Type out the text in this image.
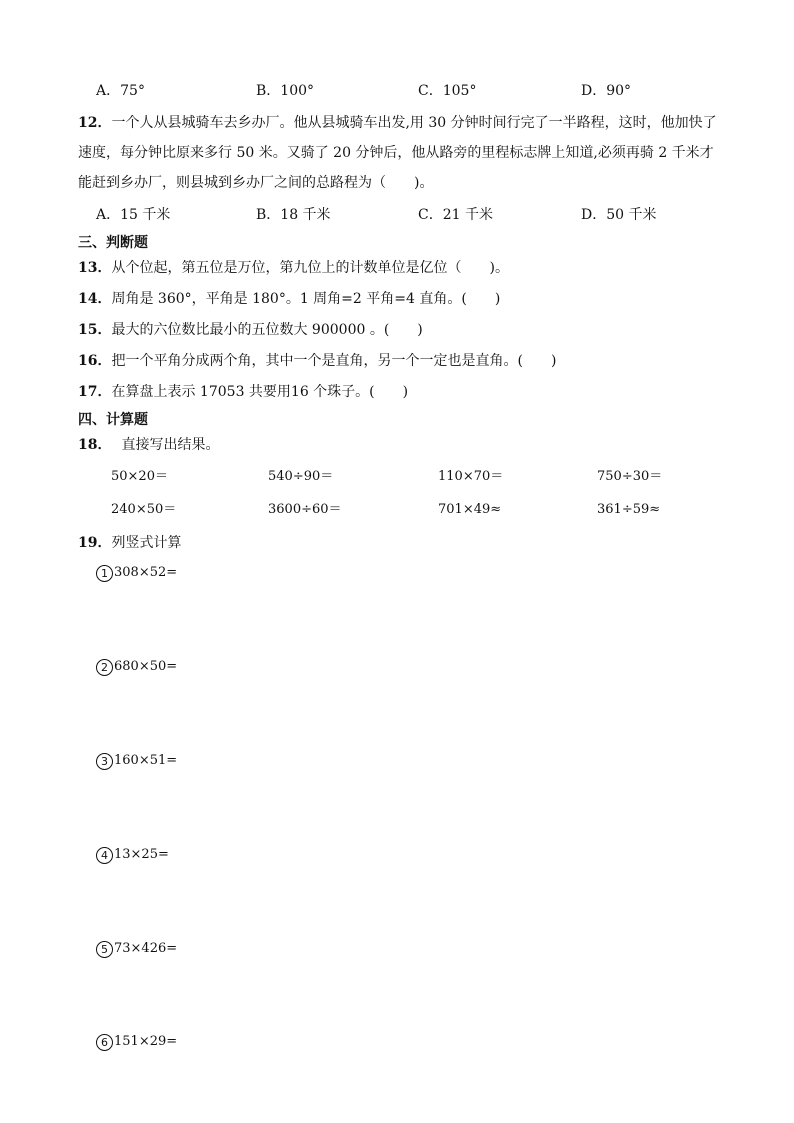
A．75°	B．100°	C．105°	D．90°
12．一个人从县城骑车去乡办厂。他从县城骑车出发,用 30 分钟时间行完了一半路程，这时，他加快了
速度，每分钟比原来多行 50 米。又骑了 20 分钟后，他从路旁的里程标志牌上知道,必须再骑 2 千米才
能赶到乡办厂，则县城到乡办厂之间的总路程为（　　)。
A．15 千米	B．18 千米	C．21 千米	D．50 千米
三、判断题
13．从个位起，第五位是万位，第九位上的计数单位是亿位（　　)。
14．周角是 360°，平角是 180°。1 周角=2 平角=4 直角。(　　)
15．最大的六位数比最小的五位数大 900000 。(　　)
16．把一个平角分成两个角，其中一个是直角，另一个一定也是直角。(　　)
17．在算盘上表示 17053 共要用16 个珠子。(　　)
四、计算题
18． 直接写出结果。
50×20＝	540÷90＝	110×70＝	750÷30＝
240×50＝	3600÷60＝	701×49≈	361÷59≈
19．列竖式计算
1 308×52=
2 680×50=
3 160×51=
4 13×25=
5 73×426=
6 151×29=
